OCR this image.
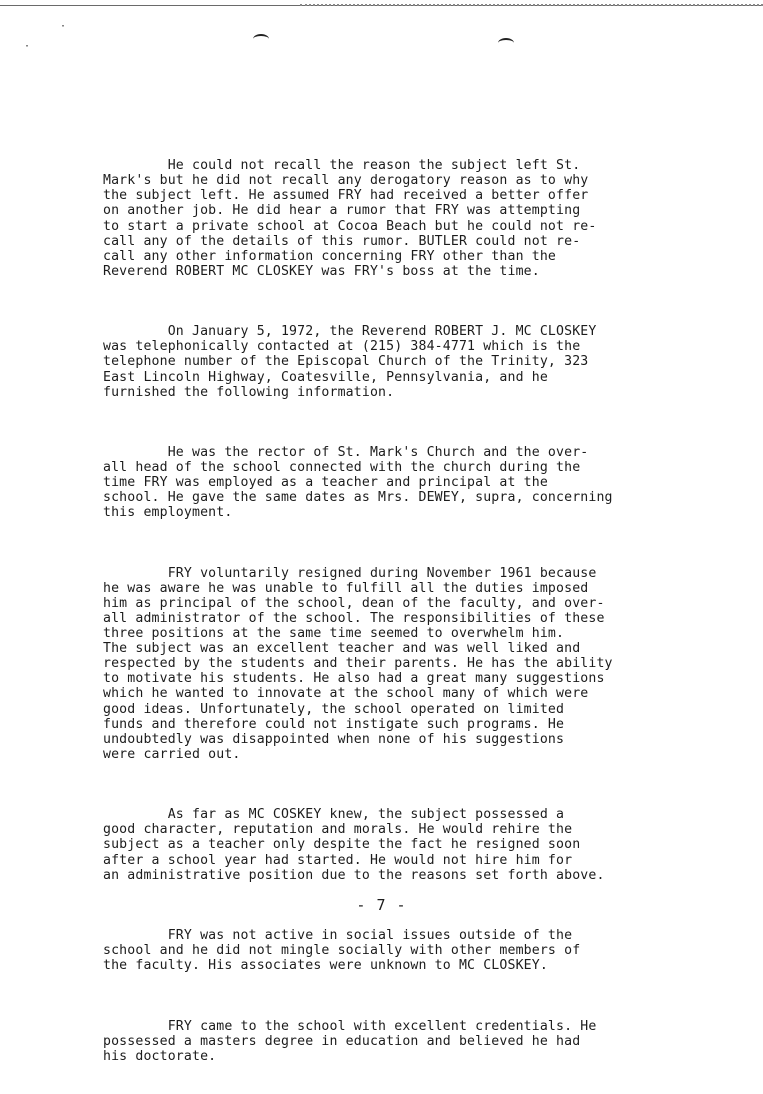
·
·

He could not recall the reason the subject left St.
Mark's but he did not recall any derogatory reason as to why
the subject left. He assumed FRY had received a better offer
on another job. He did hear a rumor that FRY was attempting
to start a private school at Cocoa Beach but he could not re-
call any of the details of this rumor. BUTLER could not re-
call any other information concerning FRY other than the
Reverend ROBERT MC CLOSKEY was FRY's boss at the time.

On January 5, 1972, the Reverend ROBERT J. MC CLOSKEY
was telephonically contacted at (215) 384-4771 which is the
telephone number of the Episcopal Church of the Trinity, 323
East Lincoln Highway, Coatesville, Pennsylvania, and he
furnished the following information.

He was the rector of St. Mark's Church and the over-
all head of the school connected with the church during the
time FRY was employed as a teacher and principal at the
school. He gave the same dates as Mrs. DEWEY, supra, concerning
this employment.

FRY voluntarily resigned during November 1961 because
he was aware he was unable to fulfill all the duties imposed
him as principal of the school, dean of the faculty, and over-
all administrator of the school. The responsibilities of these
three positions at the same time seemed to overwhelm him.
The subject was an excellent teacher and was well liked and
respected by the students and their parents. He has the ability
to motivate his students. He also had a great many suggestions
which he wanted to innovate at the school many of which were
good ideas. Unfortunately, the school operated on limited
funds and therefore could not instigate such programs. He
undoubtedly was disappointed when none of his suggestions
were carried out.

As far as MC COSKEY knew, the subject possessed a
good character, reputation and morals. He would rehire the
subject as a teacher only despite the fact he resigned soon
after a school year had started. He would not hire him for
an administrative position due to the reasons set forth above.

FRY was not active in social issues outside of the
school and he did not mingle socially with other members of
the faculty. His associates were unknown to MC CLOSKEY.

FRY came to the school with excellent credentials. He
possessed a masters degree in education and believed he had
his doctorate.

- 7 -
